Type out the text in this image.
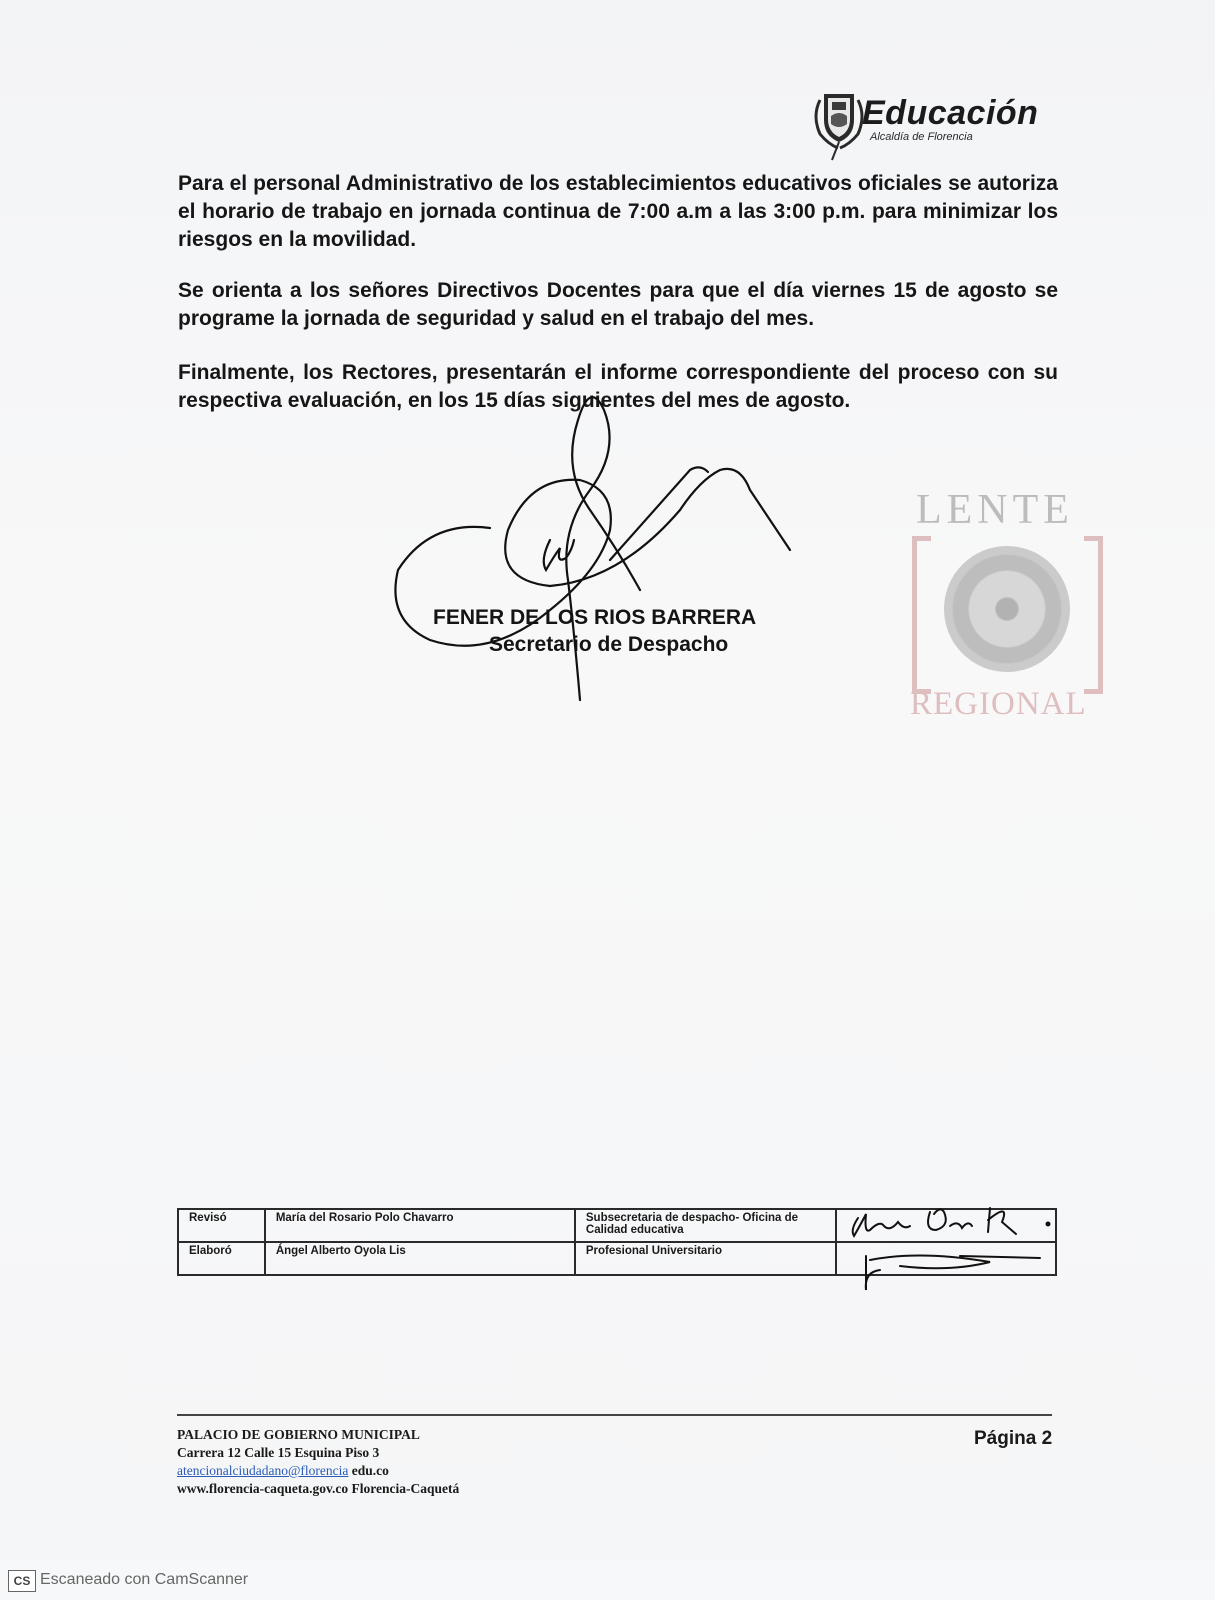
Educación
Alcaldía de Florencia
Para el personal Administrativo de los establecimientos educativos oficiales se autoriza el horario de trabajo en jornada continua de 7:00 a.m a las 3:00 p.m. para minimizar los riesgos en la movilidad.
Se orienta a los señores Directivos Docentes para que el día viernes 15 de agosto se programe la jornada de seguridad y salud en el trabajo del mes.
Finalmente, los Rectores, presentarán el informe correspondiente del proceso con su respectiva evaluación, en los 15 días siguientes del mes de agosto.
FENER DE LOS RIOS BARRERA
Secretario de Despacho
LENTE
REGIONAL
Revisó	María del Rosario Polo Chavarro	Subsecretaria de despacho- Oficina de Calidad educativa	
Elaboró	Ángel Alberto Oyola Lis	Profesional Universitario	
PALACIO DE GOBIERNO MUNICIPAL
Carrera 12 Calle 15 Esquina Piso 3
atencionalciudadano@florencia edu.co
www.florencia-caqueta.gov.co Florencia-Caquetá
Página 2
CS Escaneado con CamScanner
